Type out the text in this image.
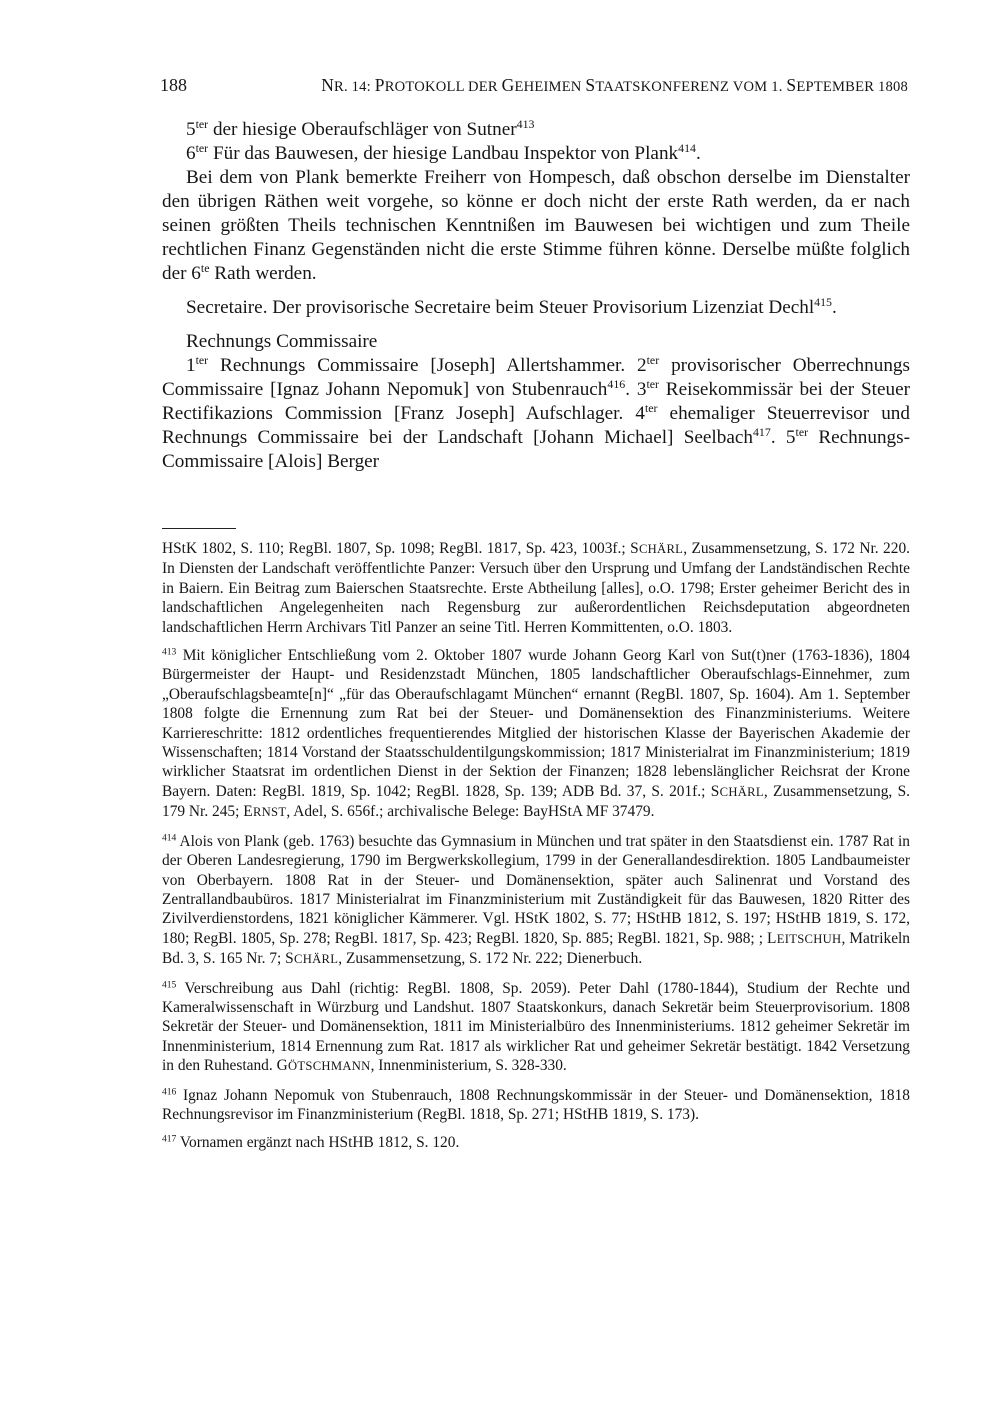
188	NR. 14: PROTOKOLL DER GEHEIMEN STAATSKONFERENZ VOM 1. SEPTEMBER 1808

$5^{ter}$ der hiesige Oberaufschläger von Sutner$^{413}$

$6^{ter}$ Für das Bauwesen, der hiesige Landbau Inspektor von Plank$^{414}$.

Bei dem von Plank bemerkte Freiherr von Hompesch, daß obschon derselbe im Dienstalter den übrigen Räthen weit vorgehe, so könne er doch nicht der erste Rath werden, da er nach seinen größten Theils technischen Kenntnißen im Bauwesen bei wichtigen und zum Theile rechtlichen Finanz Gegenständen nicht die erste Stimme führen könne. Derselbe müßte folglich der $6^{te}$ Rath werden.

Secretaire. Der provisorische Secretaire beim Steuer Provisorium Lizenziat Dechl$^{415}$.

Rechnungs Commissaire

$1^{ter}$ Rechnungs Commissaire [Joseph] Allertshammer. $2^{ter}$ provisorischer Oberrechnungs Commissaire [Ignaz Johann Nepomuk] von Stubenrauch$^{416}$. $3^{ter}$ Reisekommissär bei der Steuer Rectifikazions Commission [Franz Joseph] Aufschlager. $4^{ter}$ ehemaliger Steuerrevisor und Rechnungs Commissaire bei der Landschaft [Johann Michael] Seelbach$^{417}$. $5^{ter}$ Rechnungs-Commissaire [Alois] Berger

HStK 1802, S. 110; RegBl. 1807, Sp. 1098; RegBl. 1817, Sp. 423, 1003f.; SCHÄRL, Zusammensetzung, S. 172 Nr. 220. In Diensten der Landschaft veröffentlichte Panzer: Versuch über den Ursprung und Umfang der Landständischen Rechte in Baiern. Ein Beitrag zum Baierschen Staatsrechte. Erste Abtheilung [alles], o.O. 1798; Erster geheimer Bericht des in landschaftlichen Angelegenheiten nach Regensburg zur außerordentlichen Reichsdeputation abgeordneten landschaftlichen Herrn Archivars Titl Panzer an seine Titl. Herren Kommittenten, o.O. 1803.

$^{413}$ Mit königlicher Entschließung vom 2. Oktober 1807 wurde Johann Georg Karl von Sut(t)ner (1763-1836), 1804 Bürgermeister der Haupt- und Residenzstadt München, 1805 landschaftlicher Oberaufschlags-Einnehmer, zum „Oberaufschlagsbeamte[n]“ „für das Oberaufschlagamt München“ ernannt (RegBl. 1807, Sp. 1604). Am 1. September 1808 folgte die Ernennung zum Rat bei der Steuer- und Domänensektion des Finanzministeriums. Weitere Karriereschritte: 1812 ordentliches frequentierendes Mitglied der historischen Klasse der Bayerischen Akademie der Wissenschaften; 1814 Vorstand der Staatsschuldentilgungskommission; 1817 Ministerialrat im Finanzministerium; 1819 wirklicher Staatsrat im ordentlichen Dienst in der Sektion der Finanzen; 1828 lebenslänglicher Reichsrat der Krone Bayern. Daten: RegBl. 1819, Sp. 1042; RegBl. 1828, Sp. 139; ADB Bd. 37, S. 201f.; SCHÄRL, Zusammensetzung, S. 179 Nr. 245; ERNST, Adel, S. 656f.; archivalische Belege: BayHStA MF 37479.

$^{414}$ Alois von Plank (geb. 1763) besuchte das Gymnasium in München und trat später in den Staatsdienst ein. 1787 Rat in der Oberen Landesregierung, 1790 im Bergwerkskollegium, 1799 in der Generallandesdirektion. 1805 Landbaumeister von Oberbayern. 1808 Rat in der Steuer- und Domänensektion, später auch Salinenrat und Vorstand des Zentrallandbaubüros. 1817 Ministerialrat im Finanzministerium mit Zuständigkeit für das Bauwesen, 1820 Ritter des Zivilverdienstordens, 1821 königlicher Kämmerer. Vgl. HStK 1802, S. 77; HStHB 1812, S. 197; HStHB 1819, S. 172, 180; RegBl. 1805, Sp. 278; RegBl. 1817, Sp. 423; RegBl. 1820, Sp. 885; RegBl. 1821, Sp. 988; ; LEITSCHUH, Matrikeln Bd. 3, S. 165 Nr. 7; SCHÄRL, Zusammensetzung, S. 172 Nr. 222; Dienerbuch.

$^{415}$ Verschreibung aus Dahl (richtig: RegBl. 1808, Sp. 2059). Peter Dahl (1780-1844), Studium der Rechte und Kameralwissenschaft in Würzburg und Landshut. 1807 Staatskonkurs, danach Sekretär beim Steuerprovisorium. 1808 Sekretär der Steuer- und Domänensektion, 1811 im Ministerialbüro des Innenministeriums. 1812 geheimer Sekretär im Innenministerium, 1814 Ernennung zum Rat. 1817 als wirklicher Rat und geheimer Sekretär bestätigt. 1842 Versetzung in den Ruhestand. GÖTSCHMANN, Innenministerium, S. 328-330.

$^{416}$ Ignaz Johann Nepomuk von Stubenrauch, 1808 Rechnungskommissär in der Steuer- und Domänensektion, 1818 Rechnungsrevisor im Finanzministerium (RegBl. 1818, Sp. 271; HStHB 1819, S. 173).

$^{417}$ Vornamen ergänzt nach HStHB 1812, S. 120.
